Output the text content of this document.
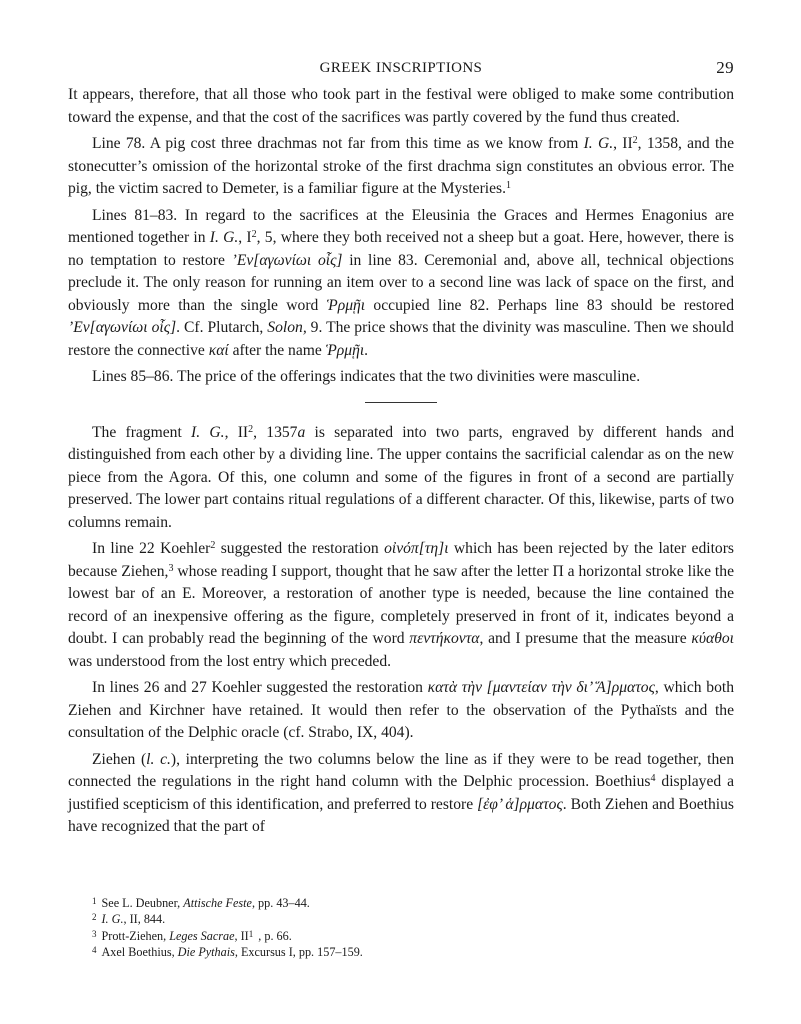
GREEK INSCRIPTIONS	29

It appears, therefore, that all those who took part in the festival were obliged to make some contribution toward the expense, and that the cost of the sacrifices was partly covered by the fund thus created.

Line 78. A pig cost three drachmas not far from this time as we know from I. G., $II^2$, 1358, and the stonecutter’s omission of the horizontal stroke of the first drachma sign constitutes an obvious error. The pig, the victim sacred to Demeter, is a familiar figure at the Mysteries.$^1$

Lines 81–83. In regard to the sacrifices at the Eleusinia the Graces and Hermes Enagonius are mentioned together in I. G., $I^2$, 5, where they both received not a sheep but a goat. Here, however, there is no temptation to restore ’Εν[αγωνίωι οἶς] in line 83. Ceremonial and, above all, technical objections preclude it. The only reason for running an item over to a second line was lack of space on the first, and obviously more than the single word Ῥρμῇι occupied line 82. Perhaps line 83 should be restored ’Εν[αγωνίωι οἶς]. Cf. Plutarch, Solon, 9. The price shows that the divinity was masculine. Then we should restore the connective καί after the name Ῥρμῇι.

Lines 85–86. The price of the offerings indicates that the two divinities were masculine.

The fragment I. G., $II^2$, 1357a is separated into two parts, engraved by different hands and distinguished from each other by a dividing line. The upper contains the sacrificial calendar as on the new piece from the Agora. Of this, one column and some of the figures in front of a second are partially preserved. The lower part contains ritual regulations of a different character. Of this, likewise, parts of two columns remain.

In line 22 Koehler$^2$ suggested the restoration οἰνόπ[τη]ι which has been rejected by the later editors because Ziehen,$^3$ whose reading I support, thought that he saw after the letter Π a horizontal stroke like the lowest bar of an E. Moreover, a restoration of another type is needed, because the line contained the record of an inexpensive offering as the figure, completely preserved in front of it, indicates beyond a doubt. I can probably read the beginning of the word πεντήκοντα, and I presume that the measure κύαθοι was understood from the lost entry which preceded.

In lines 26 and 27 Koehler suggested the restoration κατὰ τὴν [μαντείαν τὴν δι’ Ἅ]ρματος, which both Ziehen and Kirchner have retained. It would then refer to the observation of the Pythaïsts and the consultation of the Delphic oracle (cf. Strabo, IX, 404).

Ziehen (l. c.), interpreting the two columns below the line as if they were to be read together, then connected the regulations in the right hand column with the Delphic procession. Boethius$^4$ displayed a justified scepticism of this identification, and preferred to restore [ἐφ’ ἁ]ρματος. Both Ziehen and Boethius have recognized that the part of

$^1$ See L. Deubner, Attische Feste, pp. 43–44.
$^2$ I. G., II, 844.
$^3$ Prott-Ziehen, Leges Sacrae, $II^1$ , p. 66.
$^4$ Axel Boethius, Die Pythais, Excursus I, pp. 157–159.
